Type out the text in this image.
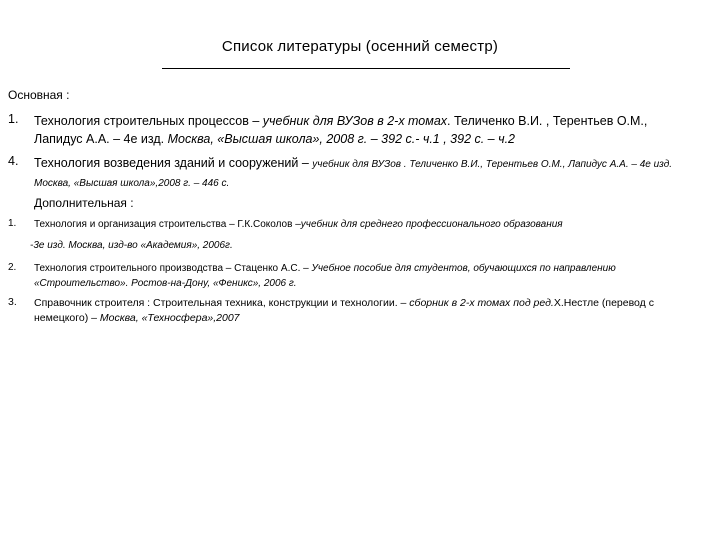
Список литературы (осенний семестр)
Основная :
1. Технология строительных процессов – учебник для ВУЗов в 2-х томах. Теличенко В.И. , Терентьев О.М.,
Лапидус А.А. – 4е изд. Москва, «Высшая школа», 2008 г. – 392 с.- ч.1 , 392 с. – ч.2
4. Технология возведения зданий и сооружений – учебник для ВУЗов . Теличенко В.И., Терентьев О.М., Лапидус А.А. – 4е изд.
Москва, «Высшая школа»,2008 г. – 446 с.
Дополнительная :
1. Технология и организация строительства – Г.К.Соколов –учебник для среднего профессионального образования
-3е изд. Москва, изд-во «Академия», 2006г.
2. Технология строительного производства – Стаценко А.С. – Учебное пособие для студентов, обучающихся по направлению
«Строительство». Ростов-на-Дону, «Феникс», 2006 г.
3. Справочник строителя : Строительная техника, конструкции и технологии. – сборник в 2-х томах под ред.Х.Нестле (перевод с
немецкого) – Москва, «Техносфера»,2007
